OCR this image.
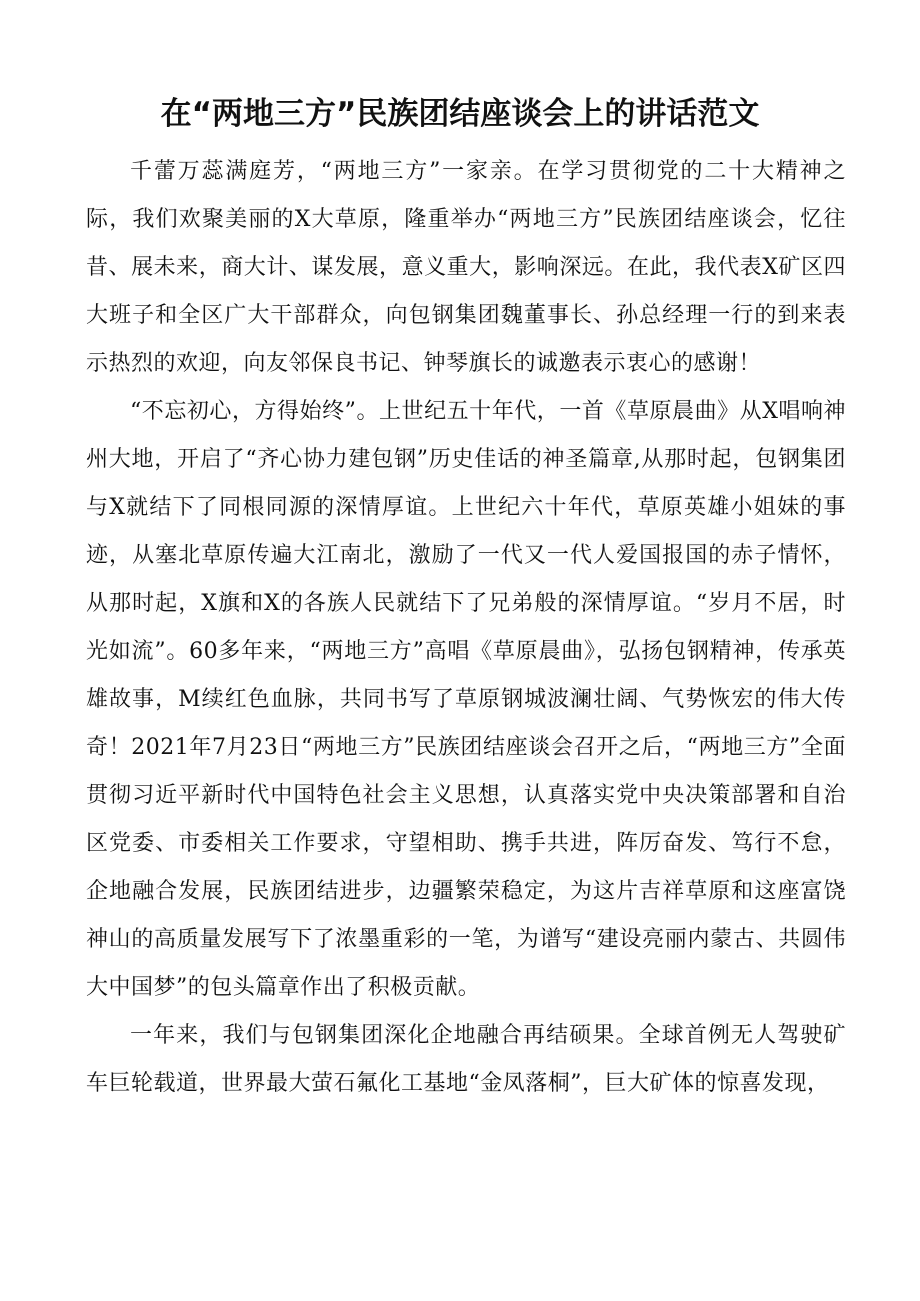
在“两地三方”民族团结座谈会上的讲话范文

千蕾万蕊满庭芳，“两地三方”一家亲。在学习贯彻党的二十大精神之际，我们欢聚美丽的X大草原，隆重举办“两地三方”民族团结座谈会，忆往昔、展未来，商大计、谋发展，意义重大，影响深远。在此，我代表X矿区四大班子和全区广大干部群众，向包钢集团魏董事长、孙总经理一行的到来表示热烈的欢迎，向友邻保良书记、钟琴旗长的诚邀表示衷心的感谢！

“不忘初心，方得始终”。上世纪五十年代，一首《草原晨曲》从X唱响神州大地，开启了“齐心协力建包钢”历史佳话的神圣篇章,从那时起，包钢集团与X就结下了同根同源的深情厚谊。上世纪六十年代，草原英雄小姐妹的事迹，从塞北草原传遍大江南北，激励了一代又一代人爱国报国的赤子情怀，从那时起，X旗和X的各族人民就结下了兄弟般的深情厚谊。“岁月不居，时光如流”。60多年来，“两地三方”高唱《草原晨曲》，弘扬包钢精神，传承英雄故事，M续红色血脉，共同书写了草原钢城波澜壮阔、气势恢宏的伟大传奇！2021年7月23日“两地三方”民族团结座谈会召开之后，“两地三方”全面贯彻习近平新时代中国特色社会主义思想，认真落实党中央决策部署和自治区党委、市委相关工作要求，守望相助、携手共进，阵厉奋发、笃行不怠，企地融合发展，民族团结进步，边疆繁荣稳定，为这片吉祥草原和这座富饶神山的高质量发展写下了浓墨重彩的一笔，为谱写“建设亮丽内蒙古、共圆伟大中国梦”的包头篇章作出了积极贡献。

一年来，我们与包钢集团深化企地融合再结硕果。全球首例无人驾驶矿车巨轮载道，世界最大萤石氟化工基地“金凤落桐”，巨大矿体的惊喜发现，
